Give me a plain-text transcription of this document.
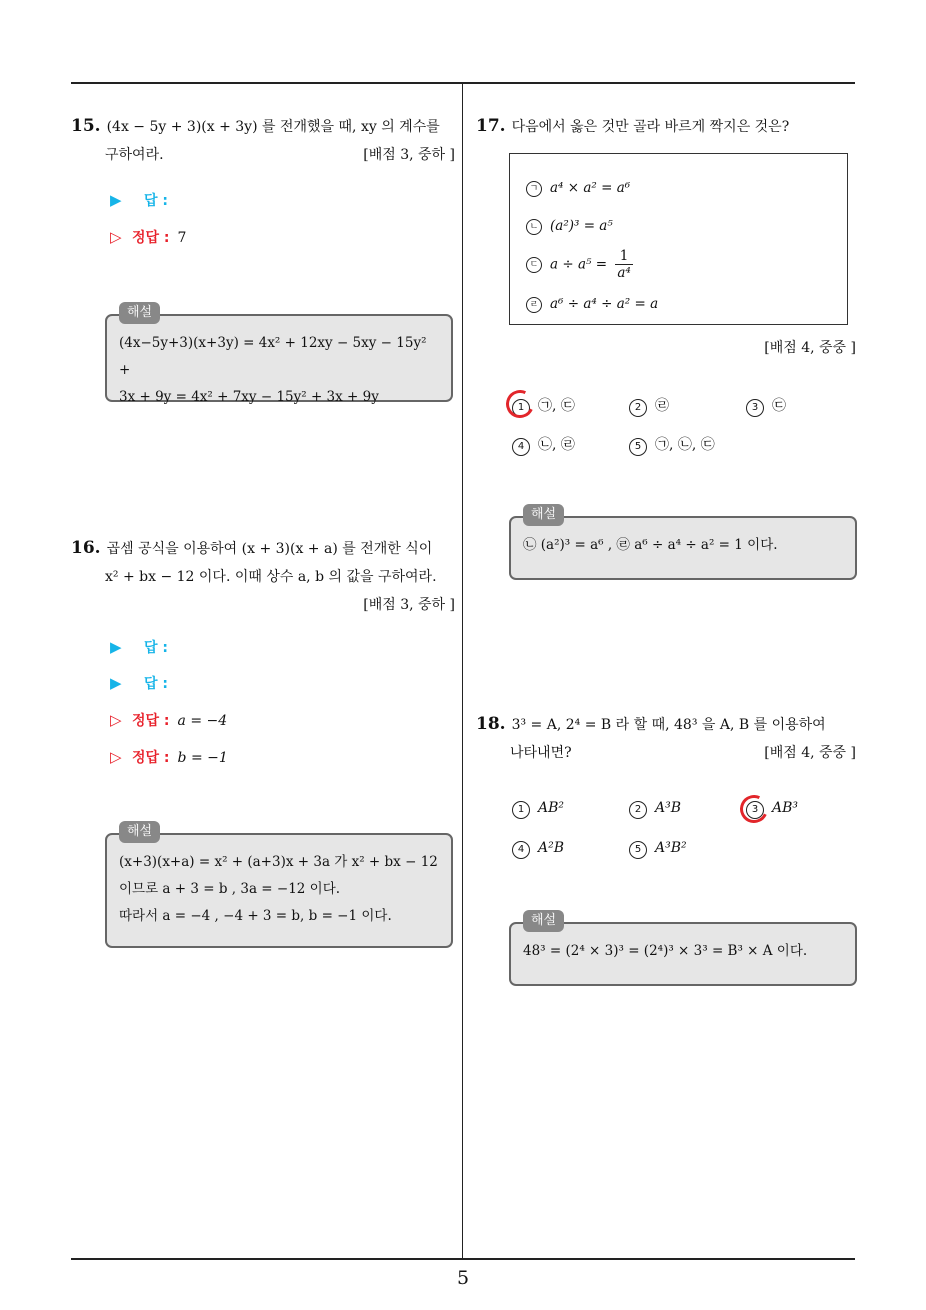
15. (4x − 5y + 3)(x + 3y) 를 전개했을 때, xy 의 계수를
구하여라.	[배점 3, 중하 ]
▶ 답 :
▷ 정답 : 7
해설
(4x−5y+3)(x+3y) = 4x² + 12xy − 5xy − 15y² +
3x + 9y = 4x² + 7xy − 15y² + 3x + 9y
16. 곱셈 공식을 이용하여 (x + 3)(x + a) 를 전개한 식이
x² + bx − 12 이다. 이때 상수 a, b 의 값을 구하여라.
[배점 3, 중하 ]
▶ 답 :
▶ 답 :
▷ 정답 : a = −4
▷ 정답 : b = −1
해설
(x+3)(x+a) = x² + (a+3)x + 3a 가 x² + bx − 12
이므로 a + 3 = b , 3a = −12 이다.
따라서 a = −4 , −4 + 3 = b, b = −1 이다.
17. 다음에서 옳은 것만 골라 바르게 짝지은 것은?
ㄱ a⁴ × a² = a⁶
ㄴ (a²)³ = a⁵
ㄷ $a \div a^5 = \frac{1}{\text{a⁴}}$
ㄹ a⁶ ÷ a⁴ ÷ a² = a
[배점 4, 중중 ]
1 ㉠, ㉢	2 ㉣	3 ㉢
4 ㉡, ㉣	5 ㉠, ㉡, ㉢
해설
㉡ (a²)³ = a⁶ , ㉣ a⁶ ÷ a⁴ ÷ a² = 1 이다.
18. 3³ = A, 2⁴ = B 라 할 때, 48³ 을 A, B 를 이용하여
나타내면?	[배점 4, 중중 ]
1 AB²	2 A³B	3 AB³
4 A²B	5 A³B²
해설
48³ = (2⁴ × 3)³ = (2⁴)³ × 3³ = B³ × A 이다.
5
